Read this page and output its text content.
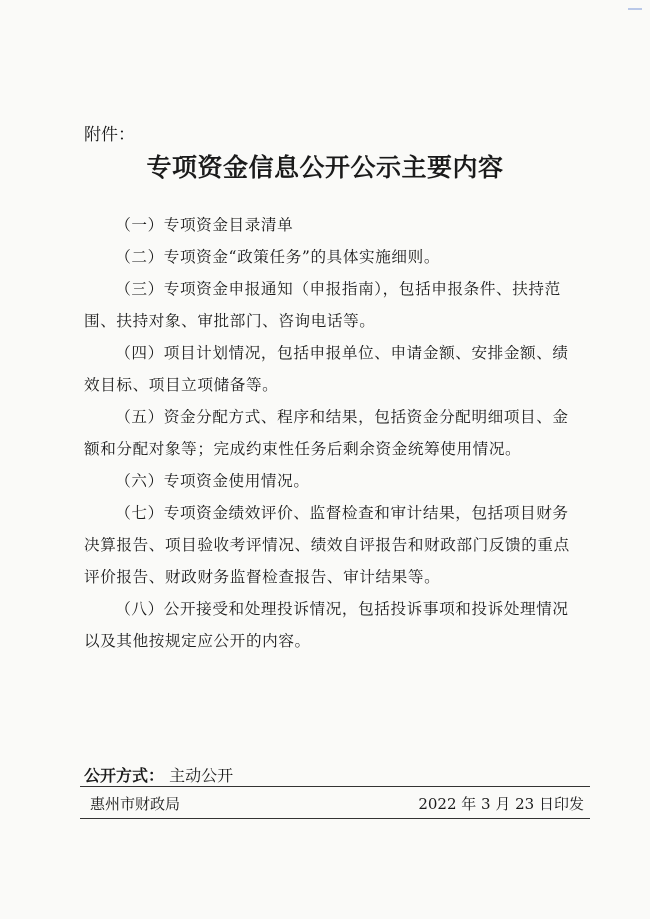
附件：
专项资金信息公开公示主要内容

（一）专项资金目录清单

（二）专项资金“政策任务”的具体实施细则。

（三）专项资金申报通知（申报指南），包括申报条件、扶持范围、扶持对象、审批部门、咨询电话等。

（四）项目计划情况，包括申报单位、申请金额、安排金额、绩效目标、项目立项储备等。

（五）资金分配方式、程序和结果，包括资金分配明细项目、金额和分配对象等；完成约束性任务后剩余资金统筹使用情况。

（六）专项资金使用情况。

（七）专项资金绩效评价、监督检查和审计结果，包括项目财务决算报告、项目验收考评情况、绩效自评报告和财政部门反馈的重点评价报告、财政财务监督检查报告、审计结果等。

（八）公开接受和处理投诉情况，包括投诉事项和投诉处理情况以及其他按规定应公开的内容。

公开方式： 主动公开
惠州市财政局	2022 年 3 月 23 日印发
